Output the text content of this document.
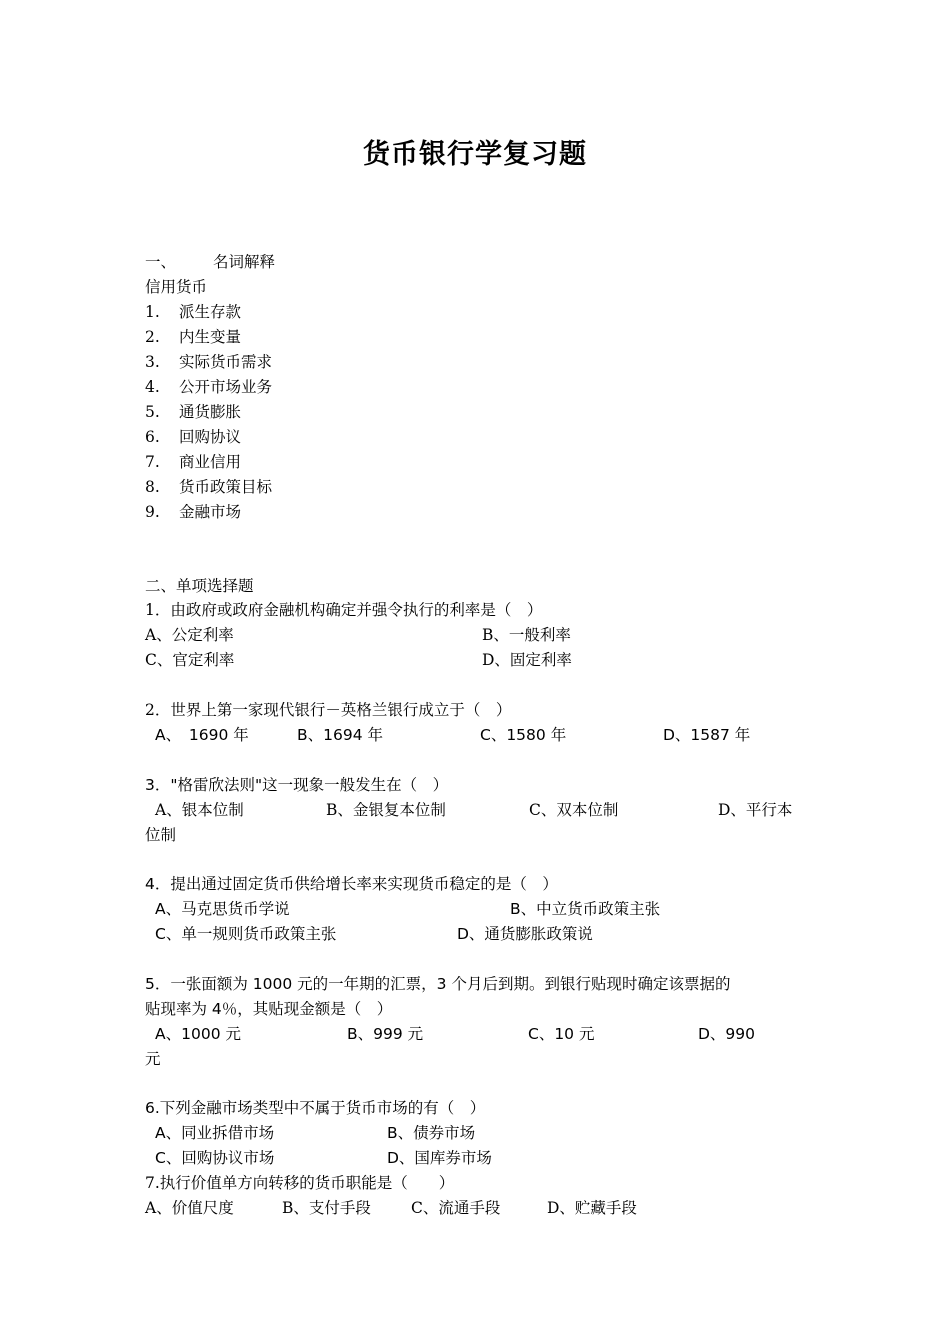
货币银行学复习题
一、 名词解释
信用货币
1. 派生存款
2. 内生变量
3. 实际货币需求
4. 公开市场业务
5. 通货膨胀
6. 回购协议
7. 商业信用
8. 货币政策目标
9. 金融市场
二、单项选择题
1．由政府或政府金融机构确定并强令执行的利率是（　）
A、公定利率	B、一般利率
C、官定利率	D、固定利率
2．世界上第一家现代银行－英格兰银行成立于（　）
A、　1690 年	B、1694 年	C、1580 年	D、1587 年
3．"格雷欣法则"这一现象一般发生在（　）
A、银本位制	B、金银复本位制	C、双本位制	D、平行本
位制
4．提出通过固定货币供给增长率来实现货币稳定的是（　）
A、马克思货币学说	B、中立货币政策主张
C、单一规则货币政策主张	D、通货膨胀政策说
5．一张面额为 1000 元的一年期的汇票，3 个月后到期。到银行贴现时确定该票据的
贴现率为 4％，其贴现金额是（　）
A、1000 元	B、999 元	C、10 元	D、990
元
6.下列金融市场类型中不属于货币市场的有（　）
A、同业拆借市场	B、债券市场
C、回购协议市场	D、国库券市场
7.执行价值单方向转移的货币职能是（　　）
A、价值尺度	B、支付手段	C、流通手段	D、贮藏手段
